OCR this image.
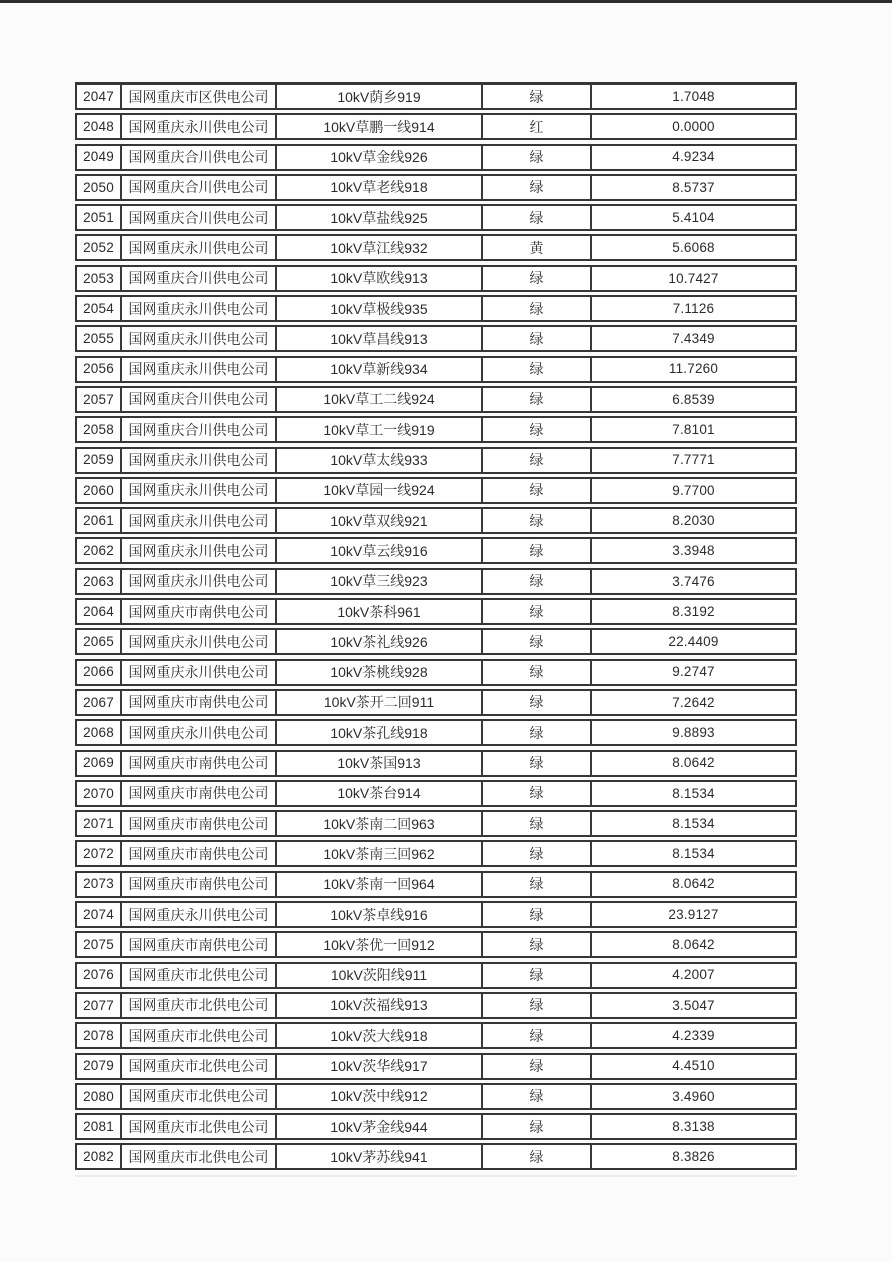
2047	国网重庆市区供电公司	10kV荫乡919	绿	1.7048
2048	国网重庆永川供电公司	10kV草鹏一线914	红	0.0000
2049	国网重庆合川供电公司	10kV草金线926	绿	4.9234
2050	国网重庆合川供电公司	10kV草老线918	绿	8.5737
2051	国网重庆合川供电公司	10kV草盐线925	绿	5.4104
2052	国网重庆永川供电公司	10kV草江线932	黄	5.6068
2053	国网重庆合川供电公司	10kV草欧线913	绿	10.7427
2054	国网重庆永川供电公司	10kV草极线935	绿	7.1126
2055	国网重庆永川供电公司	10kV草昌线913	绿	7.4349
2056	国网重庆永川供电公司	10kV草新线934	绿	11.7260
2057	国网重庆合川供电公司	10kV草工二线924	绿	6.8539
2058	国网重庆合川供电公司	10kV草工一线919	绿	7.8101
2059	国网重庆永川供电公司	10kV草太线933	绿	7.7771
2060	国网重庆永川供电公司	10kV草园一线924	绿	9.7700
2061	国网重庆永川供电公司	10kV草双线921	绿	8.2030
2062	国网重庆永川供电公司	10kV草云线916	绿	3.3948
2063	国网重庆永川供电公司	10kV草三线923	绿	3.7476
2064	国网重庆市南供电公司	10kV茶科961	绿	8.3192
2065	国网重庆永川供电公司	10kV茶礼线926	绿	22.4409
2066	国网重庆永川供电公司	10kV茶桃线928	绿	9.2747
2067	国网重庆市南供电公司	10kV茶开二回911	绿	7.2642
2068	国网重庆永川供电公司	10kV茶孔线918	绿	9.8893
2069	国网重庆市南供电公司	10kV茶国913	绿	8.0642
2070	国网重庆市南供电公司	10kV茶台914	绿	8.1534
2071	国网重庆市南供电公司	10kV茶南二回963	绿	8.1534
2072	国网重庆市南供电公司	10kV茶南三回962	绿	8.1534
2073	国网重庆市南供电公司	10kV茶南一回964	绿	8.0642
2074	国网重庆永川供电公司	10kV茶卓线916	绿	23.9127
2075	国网重庆市南供电公司	10kV茶优一回912	绿	8.0642
2076	国网重庆市北供电公司	10kV茨阳线911	绿	4.2007
2077	国网重庆市北供电公司	10kV茨福线913	绿	3.5047
2078	国网重庆市北供电公司	10kV茨大线918	绿	4.2339
2079	国网重庆市北供电公司	10kV茨华线917	绿	4.4510
2080	国网重庆市北供电公司	10kV茨中线912	绿	3.4960
2081	国网重庆市北供电公司	10kV茅金线944	绿	8.3138
2082	国网重庆市北供电公司	10kV茅苏线941	绿	8.3826
